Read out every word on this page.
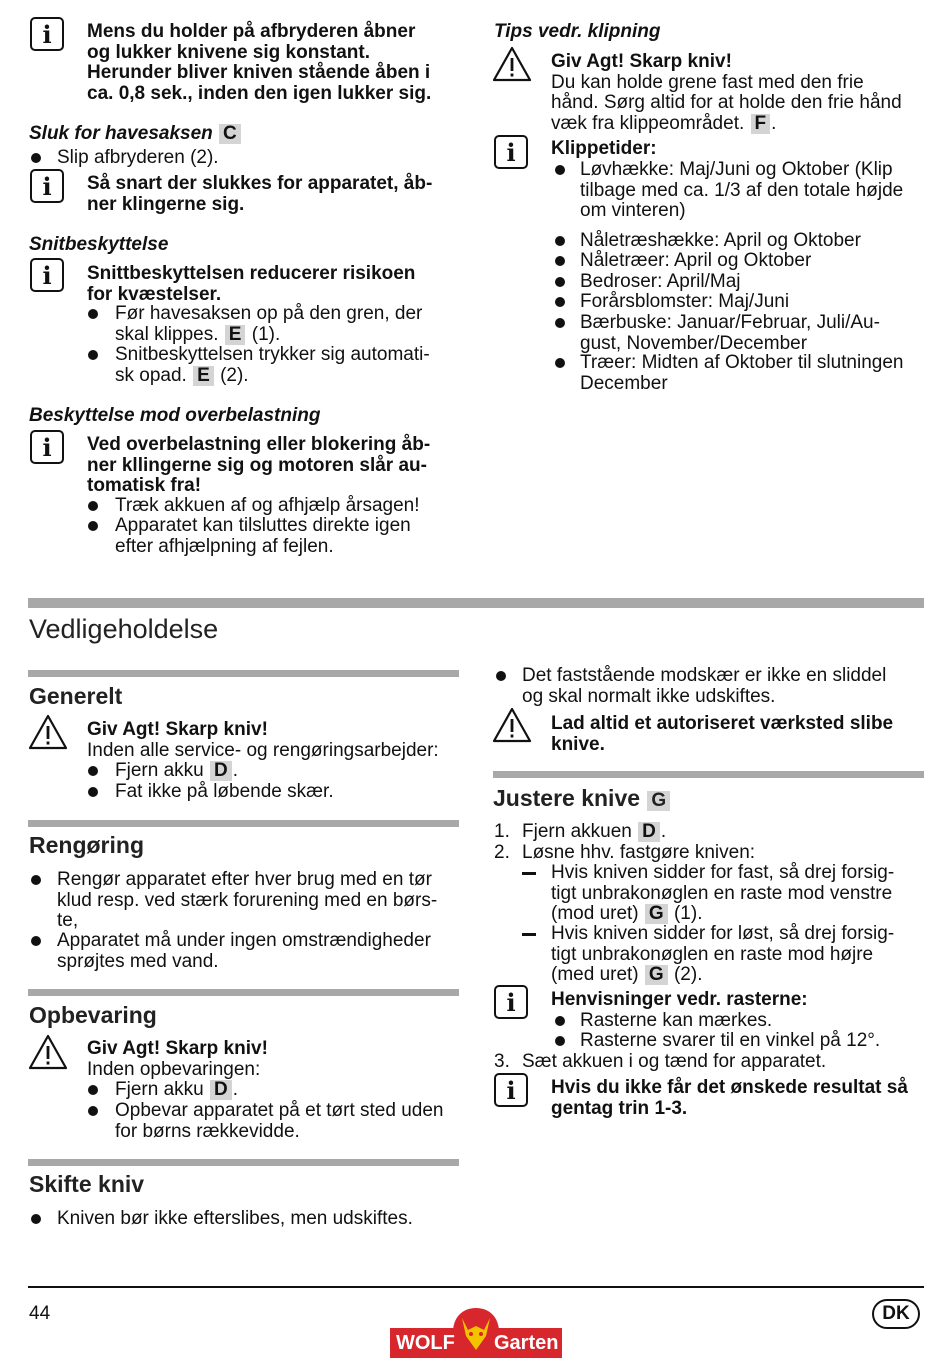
i	Mens du holder på afbryderen åbner
og lukker knivene sig konstant.
Herunder bliver kniven stående åben i
ca. 0,8 sek., inden den igen lukker sig.
Sluk for havesaksen C
Slip afbryderen (2).
i	Så snart der slukkes for apparatet, åb-
ner klingerne sig.
Snitbeskyttelse
i	Snittbeskyttelsen reducerer risikoen
for kvæstelser.
Før havesaksen op på den gren, der
skal klippes. E (1).
Snitbeskyttelsen trykker sig automati-
sk opad. E (2).
Beskyttelse mod overbelastning
i	Ved overbelastning eller blokering åb-
ner kllingerne sig og motoren slår au-
tomatisk fra!
Træk akkuen af og afhjælp årsagen!
Apparatet kan tilsluttes direkte igen
efter afhjælpning af fejlen.
Tips vedr. klipning
Giv Agt! Skarp kniv!
Du kan holde grene fast med den frie
hånd. Sørg altid for at holde den frie hånd
væk fra klippeområdet. F .
i	Klippetider:
Løvhække: Maj/Juni og Oktober (Klip
tilbage med ca. 1/3 af den totale højde
om vinteren)
Nåletræshække: April og Oktober
Nåletræer: April og Oktober
Bedroser: April/Maj
Forårsblomster: Maj/Juni
Bærbuske: Januar/Februar, Juli/Au-
gust, November/December
Træer: Midten af Oktober til slutningen
December
Vedligeholdelse
Generelt
Giv Agt! Skarp kniv!
Inden alle service- og rengøringsarbejder:
Fjern akku D .
Fat ikke på løbende skær.
Rengøring
Rengør apparatet efter hver brug med en tør
klud resp. ved stærk forurening med en børs-
te,
Apparatet må under ingen omstrændigheder
sprøjtes med vand.
Opbevaring
Giv Agt! Skarp kniv!
Inden opbevaringen:
Fjern akku D .
Opbevar apparatet på et tørt sted uden
for børns rækkevidde.
Skifte kniv
Kniven bør ikke efterslibes, men udskiftes.
Det faststående modskær er ikke en sliddel
og skal normalt ikke udskiftes.
Lad altid et autoriseret værksted slibe
knive.
Justere knive G
1. Fjern akkuen D .
2. Løsne hhv. fastgøre kniven:
Hvis kniven sidder for fast, så drej forsig-
tigt unbrakonøglen en raste mod venstre
(mod uret) G (1).
Hvis kniven sidder for løst, så drej forsig-
tigt unbrakonøglen en raste mod højre
(med uret) G (2).
i	Henvisninger vedr. rasterne:
Rasterne kan mærkes.
Rasterne svarer til en vinkel på 12°.
3. Sæt akkuen i og tænd for apparatet.
i	Hvis du ikke får det ønskede resultat så
gentag trin 1-3.
44	DK
WOLF Garten
